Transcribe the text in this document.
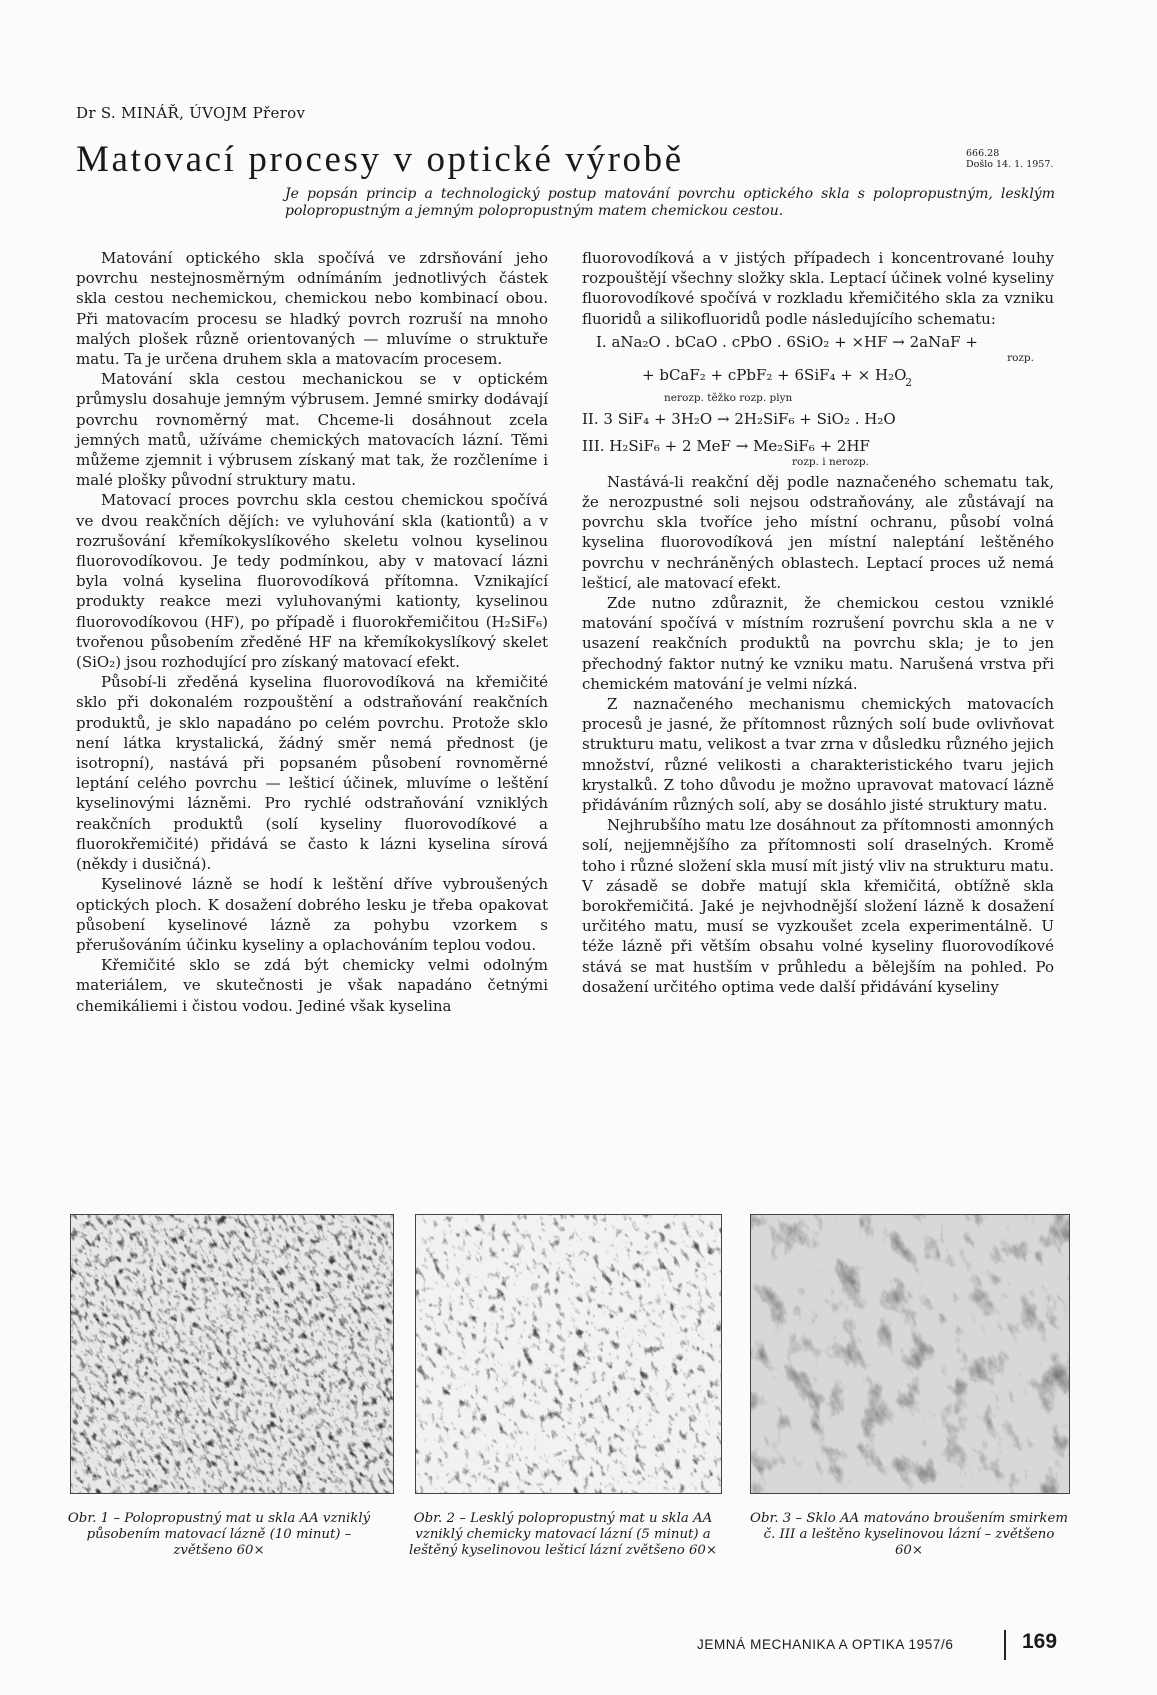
Dr S. MINÁŘ, ÚVOJM Přerov
Matovací procesy v optické výrobě	666.28
Došlo 14. 1. 1957.
Je popsán princip a technologický postup matování povrchu optického skla s polopropustným, lesklým polopropustným a jemným polopropustným matem chemickou cestou.

Matování optického skla spočívá ve zdrsňování jeho povrchu nestejnosměrným odnímáním jednotlivých částek skla cestou nechemickou, chemickou nebo kombinací obou. Při matovacím procesu se hladký povrch rozruší na mnoho malých plošek různě orientovaných — mluvíme o struktuře matu. Ta je určena druhem skla a matovacím procesem.

Matování skla cestou mechanickou se v optickém průmyslu dosahuje jemným výbrusem. Jemné smirky dodávají povrchu rovnoměrný mat. Chceme-li dosáhnout zcela jemných matů, užíváme chemických matovacích lázní. Těmi můžeme zjemnit i výbrusem získaný mat tak, že rozčleníme i malé plošky původní struktury matu.

Matovací proces povrchu skla cestou chemickou spočívá ve dvou reakčních dějích: ve vyluhování skla (kationtů) a v rozrušování křemíkokyslíkového skeletu volnou kyselinou fluorovodíkovou. Je tedy podmínkou, aby v matovací lázni byla volná kyselina fluorovodíková přítomna. Vznikající produkty reakce mezi vyluhovanými kationty, kyselinou fluorovodíkovou (HF), po případě i fluorokřemičitou (H₂SiF₆) tvořenou působením zředěné HF na křemíkokyslíkový skelet (SiO₂) jsou rozhodující pro získaný matovací efekt.

Působí-li zředěná kyselina fluorovodíková na křemičité sklo při dokonalém rozpouštění a odstraňování reakčních produktů, je sklo napadáno po celém povrchu. Protože sklo není látka krystalická, žádný směr nemá přednost (je isotropní), nastává při popsaném působení rovnoměrné leptání celého povrchu — lešticí účinek, mluvíme o leštění kyselinovými lázněmi. Pro rychlé odstraňování vzniklých reakčních produktů (solí kyseliny fluorovodíkové a fluorokřemičité) přidává se často k lázni kyselina sírová (někdy i dusičná).

Kyselinové lázně se hodí k leštění dříve vybroušených optických ploch. K dosažení dobrého lesku je třeba opakovat působení kyselinové lázně za pohybu vzorkem s přerušováním účinku kyseliny a oplachováním teplou vodou.

Křemičité sklo se zdá být chemicky velmi odolným materiálem, ve skutečnosti je však napadáno četnými chemikáliemi i čistou vodou. Jediné však kyselina

fluorovodíková a v jistých případech i koncentrované louhy rozpouštějí všechny složky skla. Leptací účinek volné kyseliny fluorovodíkové spočívá v rozkladu křemičitého skla za vzniku fluoridů a silikofluoridů podle následujícího schematu:

I. aNa₂O . bCaO . cPbO . 6SiO₂ + ×HF → 2aNaF +
rozp.
+ bCaF₂ + cPbF₂ + 6SiF₄ + × H₂O $_2$
nerozp. těžko rozp. plyn
II. 3 SiF₄ + 3H₂O → 2H₂SiF₆ + SiO₂ . H₂O
III. H₂SiF₆ + 2 MeF → Me₂SiF₆ + 2HF
rozp. i nerozp.

Nastává-li reakční děj podle naznačeného schematu tak, že nerozpustné soli nejsou odstraňovány, ale zůstávají na povrchu skla tvoříce jeho místní ochranu, působí volná kyselina fluorovodíková jen místní naleptání leštěného povrchu v nechráněných oblastech. Leptací proces už nemá lešticí, ale matovací efekt.

Zde nutno zdůraznit, že chemickou cestou vzniklé matování spočívá v místním rozrušení povrchu skla a ne v usazení reakčních produktů na povrchu skla; je to jen přechodný faktor nutný ke vzniku matu. Narušená vrstva při chemickém matování je velmi nízká.

Z naznačeného mechanismu chemických matovacích procesů je jasné, že přítomnost různých solí bude ovlivňovat strukturu matu, velikost a tvar zrna v důsledku různého jejich množství, různé velikosti a charakteristického tvaru jejich krystalků. Z toho důvodu je možno upravovat matovací lázně přidáváním různých solí, aby se dosáhlo jisté struktury matu.

Nejhrubšího matu lze dosáhnout za přítomnosti amonných solí, nejjemnějšího za přítomnosti solí draselných. Kromě toho i různé složení skla musí mít jistý vliv na strukturu matu. V zásadě se dobře matují skla křemičitá, obtížně skla borokřemičitá. Jaké je nejvhodnější složení lázně k dosažení určitého matu, musí se vyzkoušet zcela experimentálně. U téže lázně při větším obsahu volné kyseliny fluorovodíkové stává se mat hustším v průhledu a bělejším na pohled. Po dosažení určitého optima vede další přidávání kyseliny

Obr. 1 – Polopropustný mat u skla AA vzniklý působením matovací lázně (10 minut) – zvětšeno 60×
Obr. 2 – Lesklý polopropustný mat u skla AA vzniklý chemicky matovací lázní (5 minut) a leštěný kyselinovou lešticí lázní zvětšeno 60×
Obr. 3 – Sklo AA matováno broušením smirkem č. III a leštěno kyselinovou lázní – zvětšeno 60×
JEMNÁ MECHANIKA A OPTIKA 1957/6	169
